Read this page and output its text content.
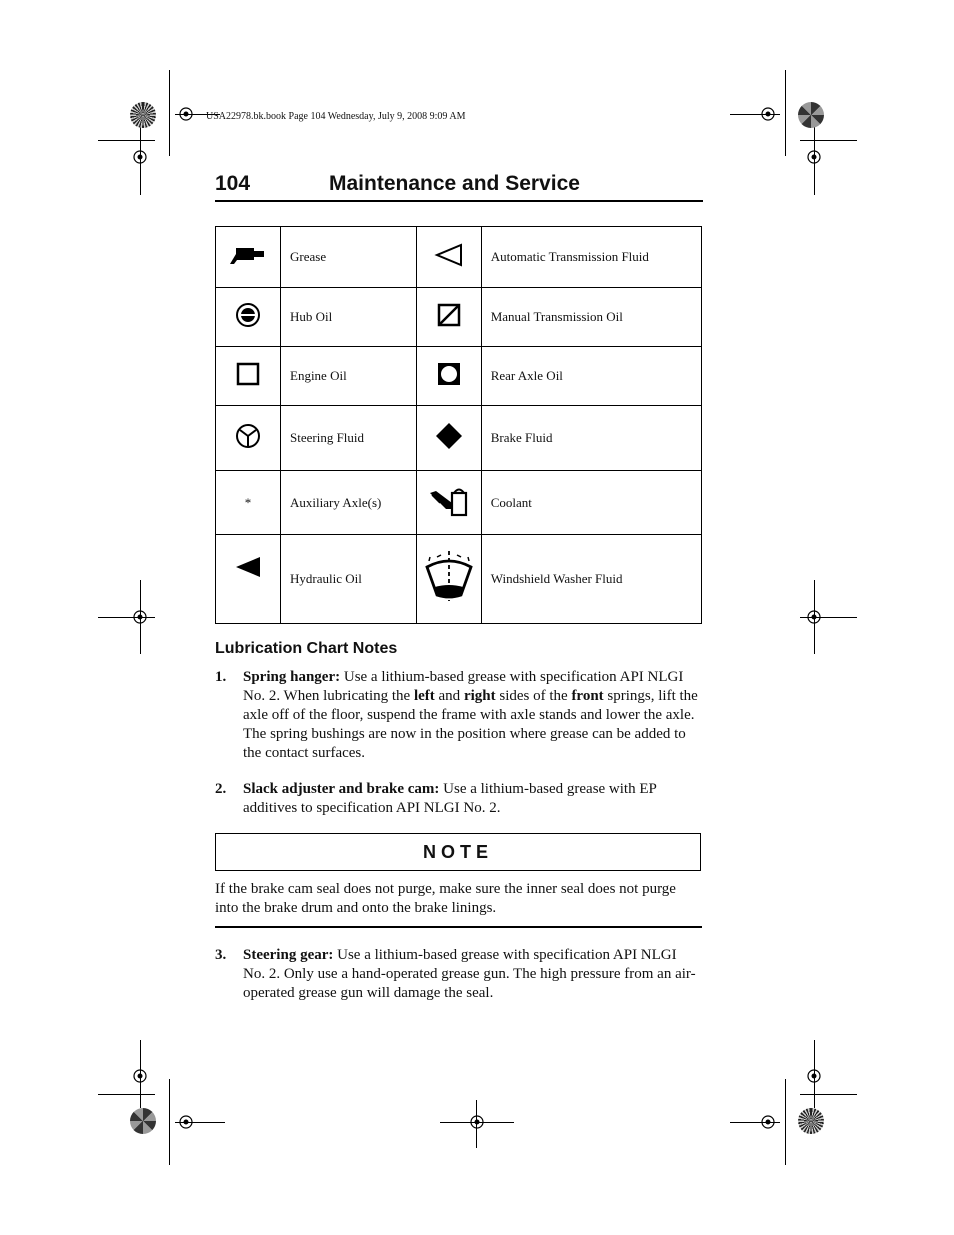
USA22978.bk.book Page 104 Wednesday, July 9, 2008 9:09 AM
104	Maintenance and Service
	Grease		Automatic Transmission Fluid
	Hub Oil		Manual Transmission Oil
	Engine Oil		Rear Axle Oil
	Steering Fluid		Brake Fluid
*	Auxiliary Axle(s)		Coolant
	Hydraulic Oil		Windshield Washer Fluid
Lubrication Chart Notes
1. Spring hanger: Use a lithium-based grease with specification API NLGI No. 2. When lubricating the left and right sides of the front springs, lift the axle off of the floor, suspend the frame with axle stands and lower the axle. The spring bushings are now in the position where grease can be added to the contact surfaces.
2. Slack adjuster and brake cam: Use a lithium-based grease with EP additives to specification API NLGI No. 2.
NOTE
If the brake cam seal does not purge, make sure the inner seal does not purge into the brake drum and onto the brake linings.
3. Steering gear: Use a lithium-based grease with specification API NLGI No. 2. Only use a hand-operated grease gun. The high pressure from an air-operated grease gun will damage the seal.
